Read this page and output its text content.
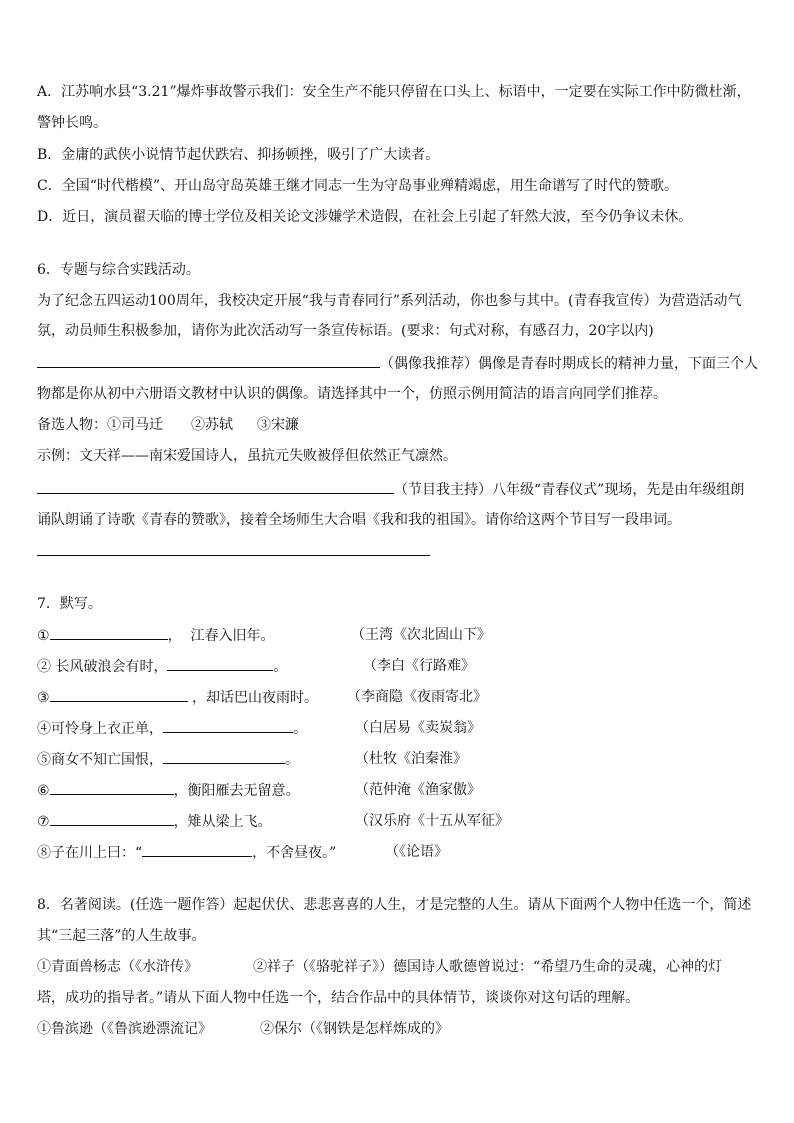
A．江苏响水县“3.21”爆炸事故警示我们：安全生产不能只停留在口头上、标语中，一定要在实际工作中防微杜渐，
警钟长鸣。
B．金庸的武侠小说情节起伏跌宕、抑扬顿挫，吸引了广大读者。
C．全国“时代楷模”、开山岛守岛英雄王继才同志一生为守岛事业殚精竭虑，用生命谱写了时代的赞歌。
D．近日，演员翟天临的博士学位及相关论文涉嫌学术造假，在社会上引起了轩然大波，至今仍争议未休。
6．专题与综合实践活动。
为了纪念五四运动100周年，我校决定开展“我与青春同行”系列活动，你也参与其中。(青春我宣传）为营造活动气
氛，动员师生积极参加，请你为此次活动写一条宣传标语。(要求：句式对称，有感召力，20字以内)
（偶像我推荐）偶像是青春时期成长的精神力量，下面三个人
物都是你从初中六册语文教材中认识的偶像。请选择其中一个，仿照示例用简洁的语言向同学们推荐。
备选人物：①司马迁 ②苏轼 ③宋濂
示例：文天祥——南宋爱国诗人，虽抗元失败被俘但依然正气凛然。
（节目我主持）八年级“青春仪式”现场，先是由年级组朗
诵队朗诵了诗歌《青春的赞歌》，接着全场师生大合唱《我和我的祖国》。请你给这两个节目写一段串词。
7．默写。
①	，  江春入旧年。	（王湾《次北固山下》
② 长风破浪会有时，	。	（李白《行路难》
③	，却话巴山夜雨时。 （李商隐《夜雨寄北》
④可怜身上衣正单，	。	（白居易《卖炭翁》
⑤商女不知亡国恨，	。	（杜牧《泊秦淮》
⑥	，衡阳雁去无留意。	（范仲淹《渔家傲》
⑦	，雉从梁上飞。	（汉乐府《十五从军征》
⑧子在川上曰：“	，不舍昼夜。”	（《论语》
8．名著阅读。(任选一题作答）起起伏伏、悲悲喜喜的人生，才是完整的人生。请从下面两个人物中任选一个，简述
其“三起三落”的人生故事。
①青面兽杨志（《水浒传》	②祥子（《骆驼祥子》）德国诗人歌德曾说过：“希望乃生命的灵魂，心神的灯
塔，成功的指导者。”请从下面人物中任选一个，结合作品中的具体情节，谈谈你对这句话的理解。
①鲁滨逊（《鲁滨逊漂流记》	②保尔（《钢铁是怎样炼成的》
